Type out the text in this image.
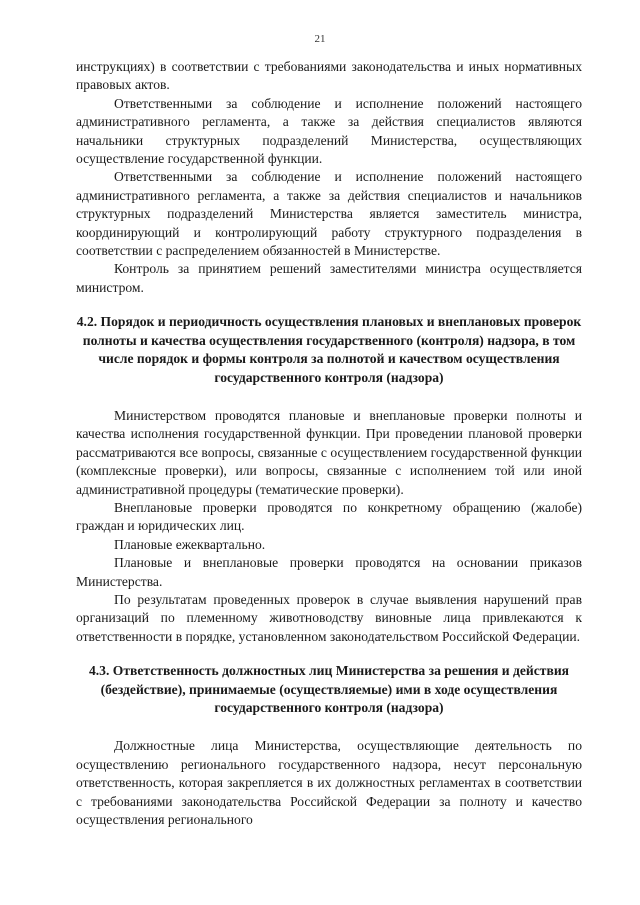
21

инструкциях) в соответствии с требованиями законодательства и иных нормативных правовых актов.

Ответственными за соблюдение и исполнение положений настоящего административного регламента, а также за действия специалистов являются начальники структурных подразделений Министерства, осуществляющих осуществление государственной функции.

Ответственными за соблюдение и исполнение положений настоящего административного регламента, а также за действия специалистов и начальников структурных подразделений Министерства является заместитель министра, координирующий и контролирующий работу структурного подразделения в соответствии с распределением обязанностей в Министерстве.

Контроль за принятием решений заместителями министра осуществляется министром.

4.2. Порядок и периодичность осуществления плановых и внеплановых проверок полноты и качества осуществления государственного (контроля) надзора, в том числе порядок и формы контроля за полнотой и качеством осуществления государственного контроля (надзора)

Министерством проводятся плановые и внеплановые проверки полноты и качества исполнения государственной функции. При проведении плановой проверки рассматриваются все вопросы, связанные с осуществлением государственной функции (комплексные проверки), или вопросы, связанные с исполнением той или иной административной процедуры (тематические проверки).

Внеплановые проверки проводятся по конкретному обращению (жалобе) граждан и юридических лиц.

Плановые ежеквартально.

Плановые и внеплановые проверки проводятся на основании приказов Министерства.

По результатам проведенных проверок в случае выявления нарушений прав организаций по племенному животноводству виновные лица привлекаются к ответственности в порядке, установленном законодательством Российской Федерации.

4.3. Ответственность должностных лиц Министерства за решения и действия (бездействие), принимаемые (осуществляемые) ими в ходе осуществления государственного контроля (надзора)

Должностные лица Министерства, осуществляющие деятельность по осуществлению регионального государственного надзора, несут персональную ответственность, которая закрепляется в их должностных регламентах в соответствии с требованиями законодательства Российской Федерации за полноту и качество осуществления регионального
